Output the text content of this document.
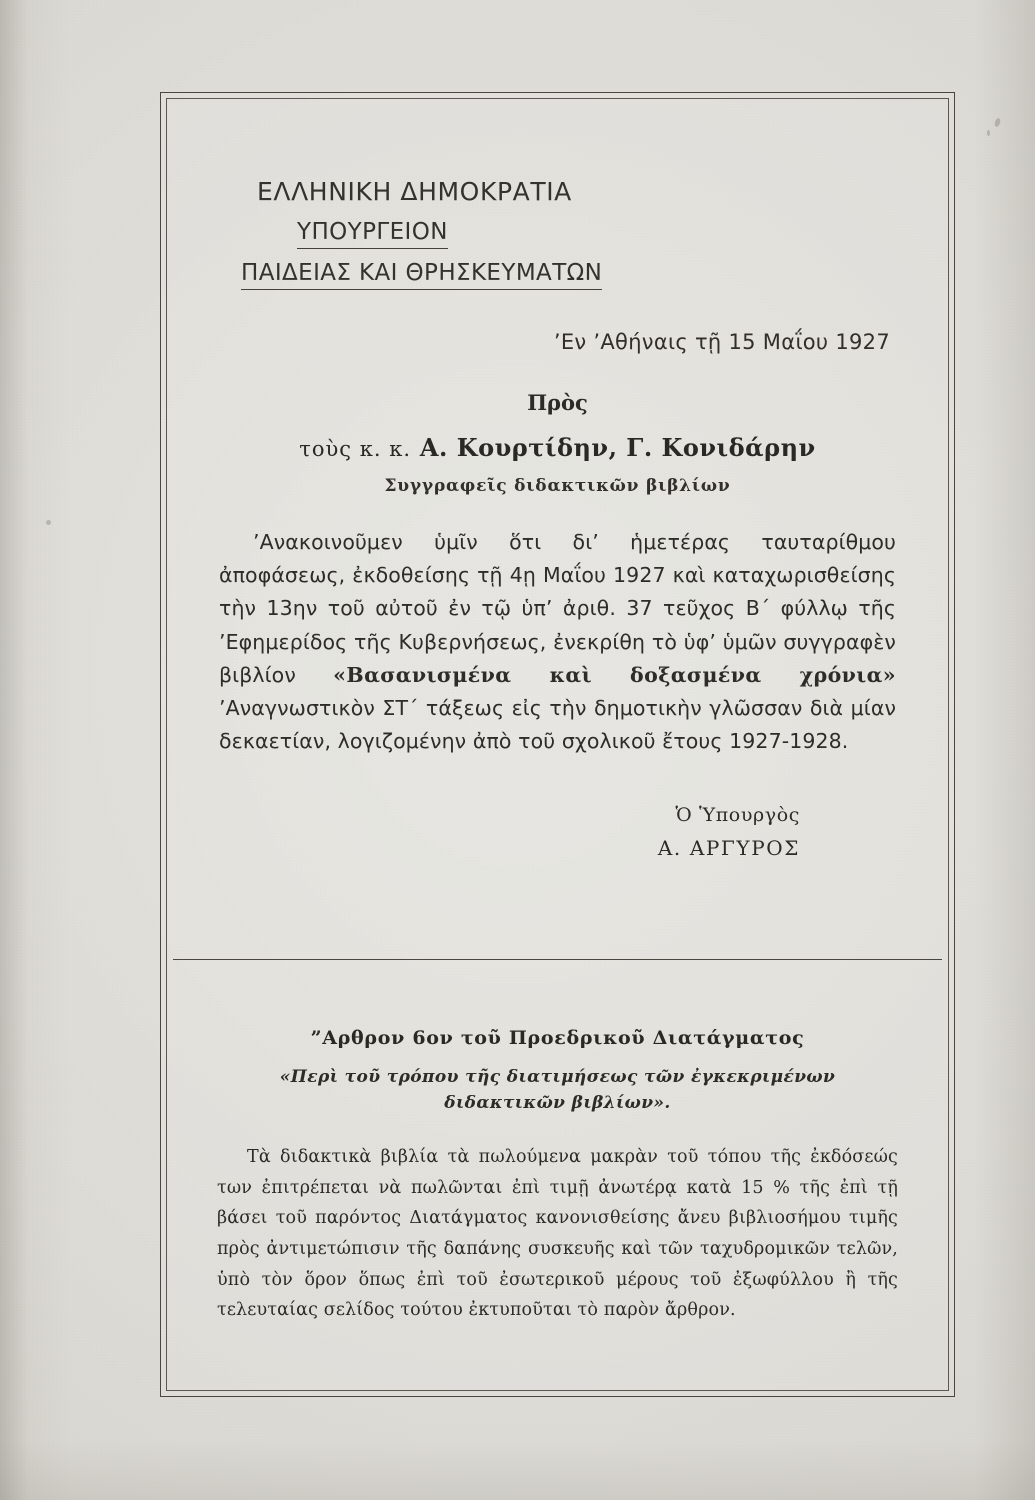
ΕΛΛΗΝΙΚΗ ΔΗΜΟΚΡΑΤΙΑ
ΥΠΟΥΡΓΕΙΟΝ
ΠΑΙΔΕΙΑΣ ΚΑΙ ΘΡΗΣΚΕΥΜΑΤΩΝ
’Εν ’Αθήναις τῇ 15 Μαΐου 1927
Πρὸς
τοὺς κ. κ. Α. Κουρτίδην, Γ. Κονιδάρην
Συγγραφεῖς διδακτικῶν βιβλίων
’Ανακοινοῦμεν ὑμῖν ὅτι δι’ ἡμετέρας ταυταρίθμου ἀποφάσεως, ἐκδοθείσης τῇ 4ῃ Μαΐου 1927 καὶ καταχωρισθείσης τὴν 13ην τοῦ αὐτοῦ ἐν τῷ ὑπ’ ἀριθ. 37 τεῦχος Β΄ φύλλῳ τῆς ’Εφημερίδος τῆς Κυβερνήσεως, ἐνεκρίθη τὸ ὑφ’ ὑμῶν συγγραφὲν βιβλίον «Βασανισμένα καὶ δοξασμένα χρόνια» ’Αναγνωστικὸν ΣΤ΄ τάξεως εἰς τὴν δημοτικὴν γλῶσσαν διὰ μίαν δεκαετίαν, λογιζομένην ἀπὸ τοῦ σχολικοῦ ἔτους 1927-1928.
Ὁ Ὑπουργὸς
Α. ΑΡΓΥΡΟΣ
”Αρθρον 6ον τοῦ Προεδρικοῦ Διατάγματος
«Περὶ τοῦ τρόπου τῆς διατιμήσεως τῶν ἐγκεκριμένων
διδακτικῶν βιβλίων».
Τὰ διδακτικὰ βιβλία τὰ πωλούμενα μακρὰν τοῦ τόπου τῆς ἐκδόσεώς των ἐπιτρέπεται νὰ πωλῶνται ἐπὶ τιμῇ ἀνωτέρᾳ κατὰ 15 % τῆς ἐπὶ τῇ βάσει τοῦ παρόντος Διατάγματος κανονισθείσης ἄνευ βιβλιοσήμου τιμῆς πρὸς ἀντιμετώπισιν τῆς δαπάνης συσκευῆς καὶ τῶν ταχυδρομικῶν τελῶν, ὑπὸ τὸν ὅρον ὅπως ἐπὶ τοῦ ἐσωτερικοῦ μέρους τοῦ ἐξωφύλλου ἢ τῆς τελευταίας σελίδος τούτου ἐκτυποῦται τὸ παρὸν ἄρθρον.
